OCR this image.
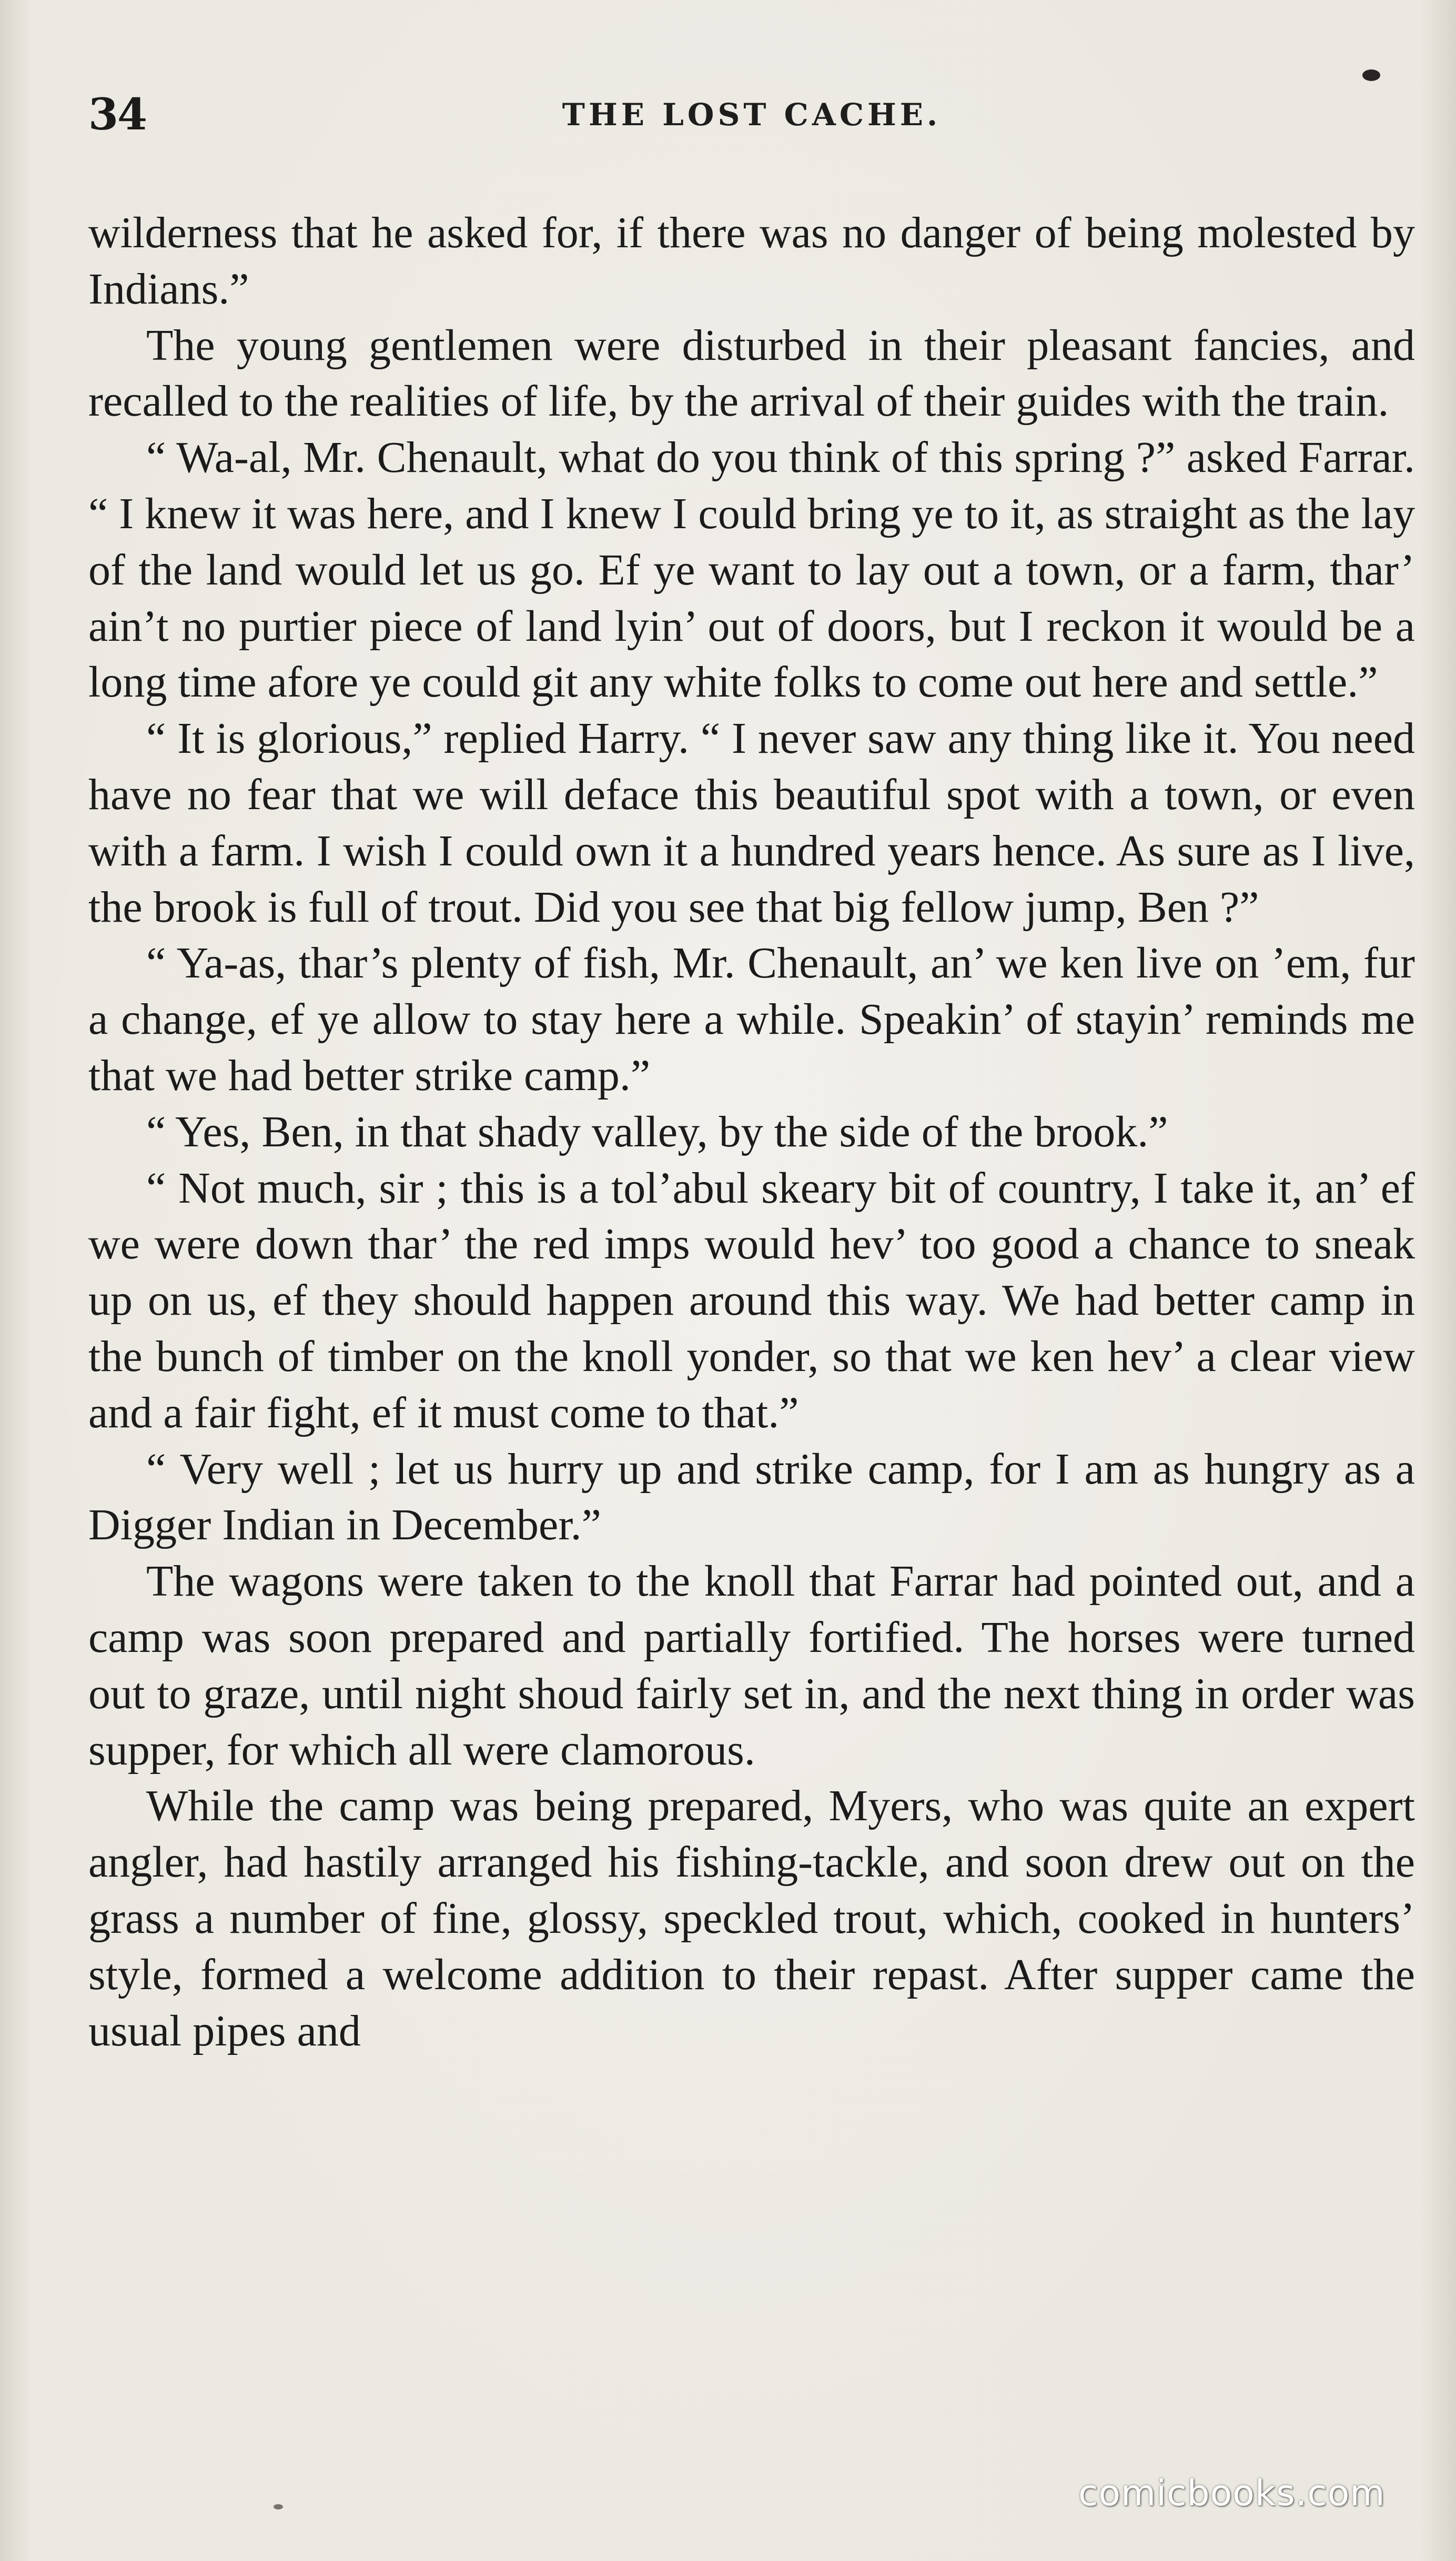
34	THE LOST CACHE.

wilderness that he asked for, if there was no danger of being molested by Indians.”

The young gentlemen were disturbed in their pleasant fancies, and recalled to the realities of life, by the arrival of their guides with the train.

“ Wa-al, Mr. Chenault, what do you think of this spring ?” asked Farrar. “ I knew it was here, and I knew I could bring ye to it, as straight as the lay of the land would let us go. Ef ye want to lay out a town, or a farm, thar’ ain’t no purtier piece of land lyin’ out of doors, but I reckon it would be a long time afore ye could git any white folks to come out here and settle.”

“ It is glorious,” replied Harry. “ I never saw any thing like it. You need have no fear that we will deface this beautiful spot with a town, or even with a farm. I wish I could own it a hundred years hence. As sure as I live, the brook is full of trout. Did you see that big fellow jump, Ben ?”

“ Ya-as, thar’s plenty of fish, Mr. Chenault, an’ we ken live on ’em, fur a change, ef ye allow to stay here a while. Speakin’ of stayin’ reminds me that we had better strike camp.”

“ Yes, Ben, in that shady valley, by the side of the brook.”

“ Not much, sir ; this is a tol’abul skeary bit of country, I take it, an’ ef we were down thar’ the red imps would hev’ too good a chance to sneak up on us, ef they should happen around this way. We had better camp in the bunch of timber on the knoll yonder, so that we ken hev’ a clear view and a fair fight, ef it must come to that.”

“ Very well ; let us hurry up and strike camp, for I am as hungry as a Digger Indian in December.”

The wagons were taken to the knoll that Farrar had pointed out, and a camp was soon prepared and partially fortified. The horses were turned out to graze, until night shoud fairly set in, and the next thing in order was supper, for which all were clamorous.

While the camp was being prepared, Myers, who was quite an expert angler, had hastily arranged his fishing-tackle, and soon drew out on the grass a number of fine, glossy, speckled trout, which, cooked in hunters’ style, formed a welcome addition to their repast. After supper came the usual pipes and

comicbooks.com
